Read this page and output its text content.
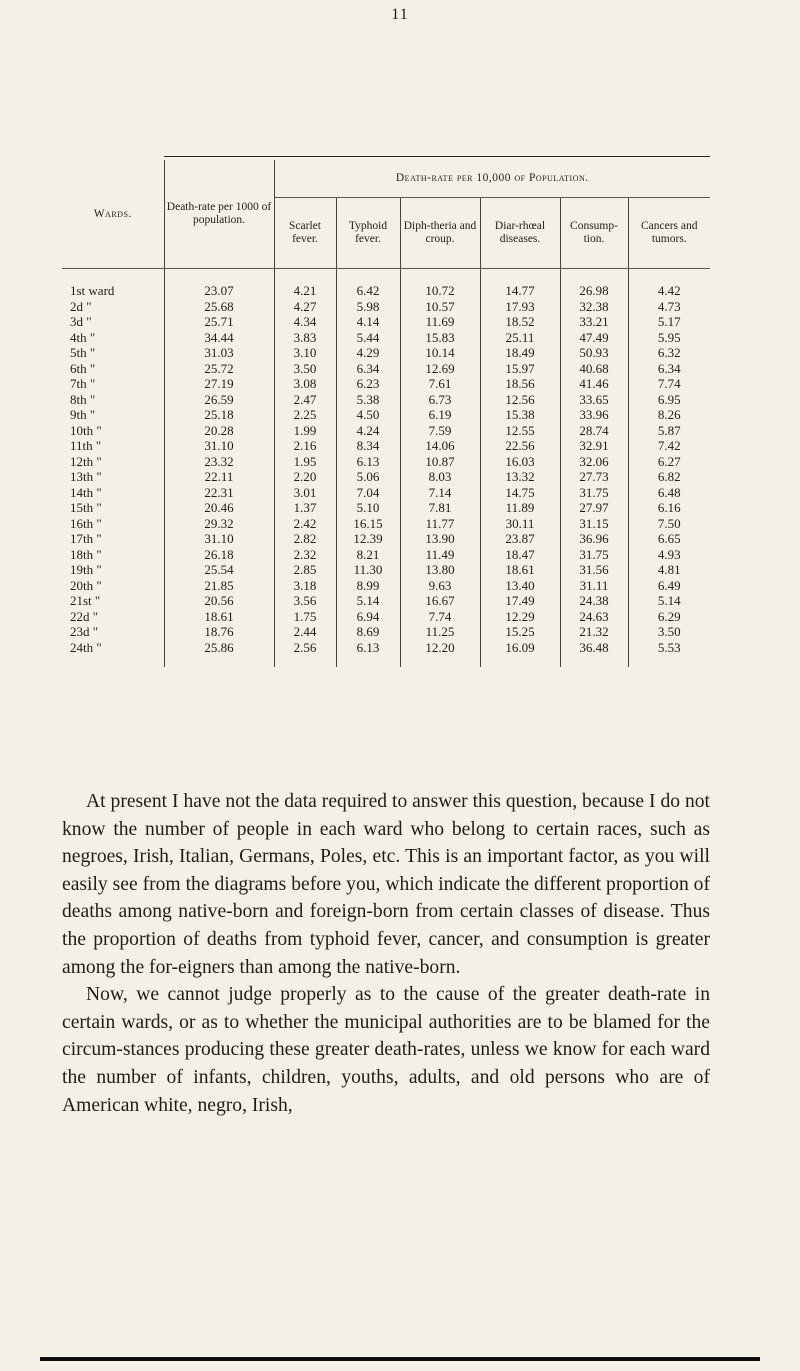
11
Wards.	Death-rate per 1000 of population.	Death-rate per 10,000 of Population.					
		Scarlet fever.	Typhoid fever.	Diph-theria and croup.	Diar-rhœal diseases.	Consump-tion.	Cancers and tumors.
1st ward	23.07	4.21	6.42	10.72	14.77	26.98	4.42
2d "	25.68	4.27	5.98	10.57	17.93	32.38	4.73
3d "	25.71	4.34	4.14	11.69	18.52	33.21	5.17
4th "	34.44	3.83	5.44	15.83	25.11	47.49	5.95
5th "	31.03	3.10	4.29	10.14	18.49	50.93	6.32
6th "	25.72	3.50	6.34	12.69	15.97	40.68	6.34
7th "	27.19	3.08	6.23	7.61	18.56	41.46	7.74
8th "	26.59	2.47	5.38	6.73	12.56	33.65	6.95
9th "	25.18	2.25	4.50	6.19	15.38	33.96	8.26
10th "	20.28	1.99	4.24	7.59	12.55	28.74	5.87
11th "	31.10	2.16	8.34	14.06	22.56	32.91	7.42
12th "	23.32	1.95	6.13	10.87	16.03	32.06	6.27
13th "	22.11	2.20	5.06	8.03	13.32	27.73	6.82
14th "	22.31	3.01	7.04	7.14	14.75	31.75	6.48
15th "	20.46	1.37	5.10	7.81	11.89	27.97	6.16
16th "	29.32	2.42	16.15	11.77	30.11	31.15	7.50
17th "	31.10	2.82	12.39	13.90	23.87	36.96	6.65
18th "	26.18	2.32	8.21	11.49	18.47	31.75	4.93
19th "	25.54	2.85	11.30	13.80	18.61	31.56	4.81
20th "	21.85	3.18	8.99	9.63	13.40	31.11	6.49
21st "	20.56	3.56	5.14	16.67	17.49	24.38	5.14
22d "	18.61	1.75	6.94	7.74	12.29	24.63	6.29
23d "	18.76	2.44	8.69	11.25	15.25	21.32	3.50
24th "	25.86	2.56	6.13	12.20	16.09	36.48	5.53

At present I have not the data required to answer this question, because I do not know the number of people in each ward who belong to certain races, such as negroes, Irish, Italian, Germans, Poles, etc. This is an important factor, as you will easily see from the diagrams before you, which indicate the different proportion of deaths among native-born and foreign-born from certain classes of disease. Thus the proportion of deaths from typhoid fever, cancer, and consumption is greater among the for-eigners than among the native-born.

Now, we cannot judge properly as to the cause of the greater death-rate in certain wards, or as to whether the municipal authorities are to be blamed for the circum-stances producing these greater death-rates, unless we know for each ward the number of infants, children, youths, adults, and old persons who are of American white, negro, Irish,
